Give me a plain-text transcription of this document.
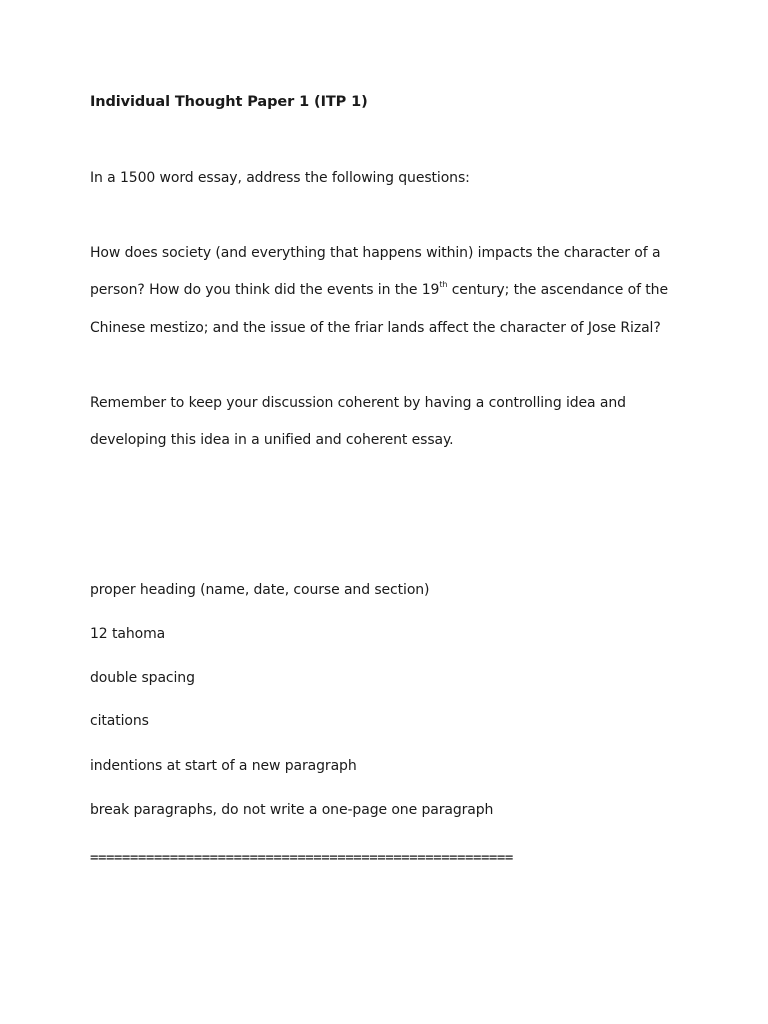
Individual Thought Paper 1 (ITP 1)
In a 1500 word essay, address the following questions:
How does society (and everything that happens within) impacts the character of a
person? How do you think did the events in the 19th century; the ascendance of the
Chinese mestizo; and the issue of the friar lands affect the character of Jose Rizal?
Remember to keep your discussion coherent by having a controlling idea and
developing this idea in a unified and coherent essay.
proper heading (name, date, course and section)
12 tahoma
double spacing
citations
indentions at start of a new paragraph
break paragraphs, do not write a one-page one paragraph
=====================================================
